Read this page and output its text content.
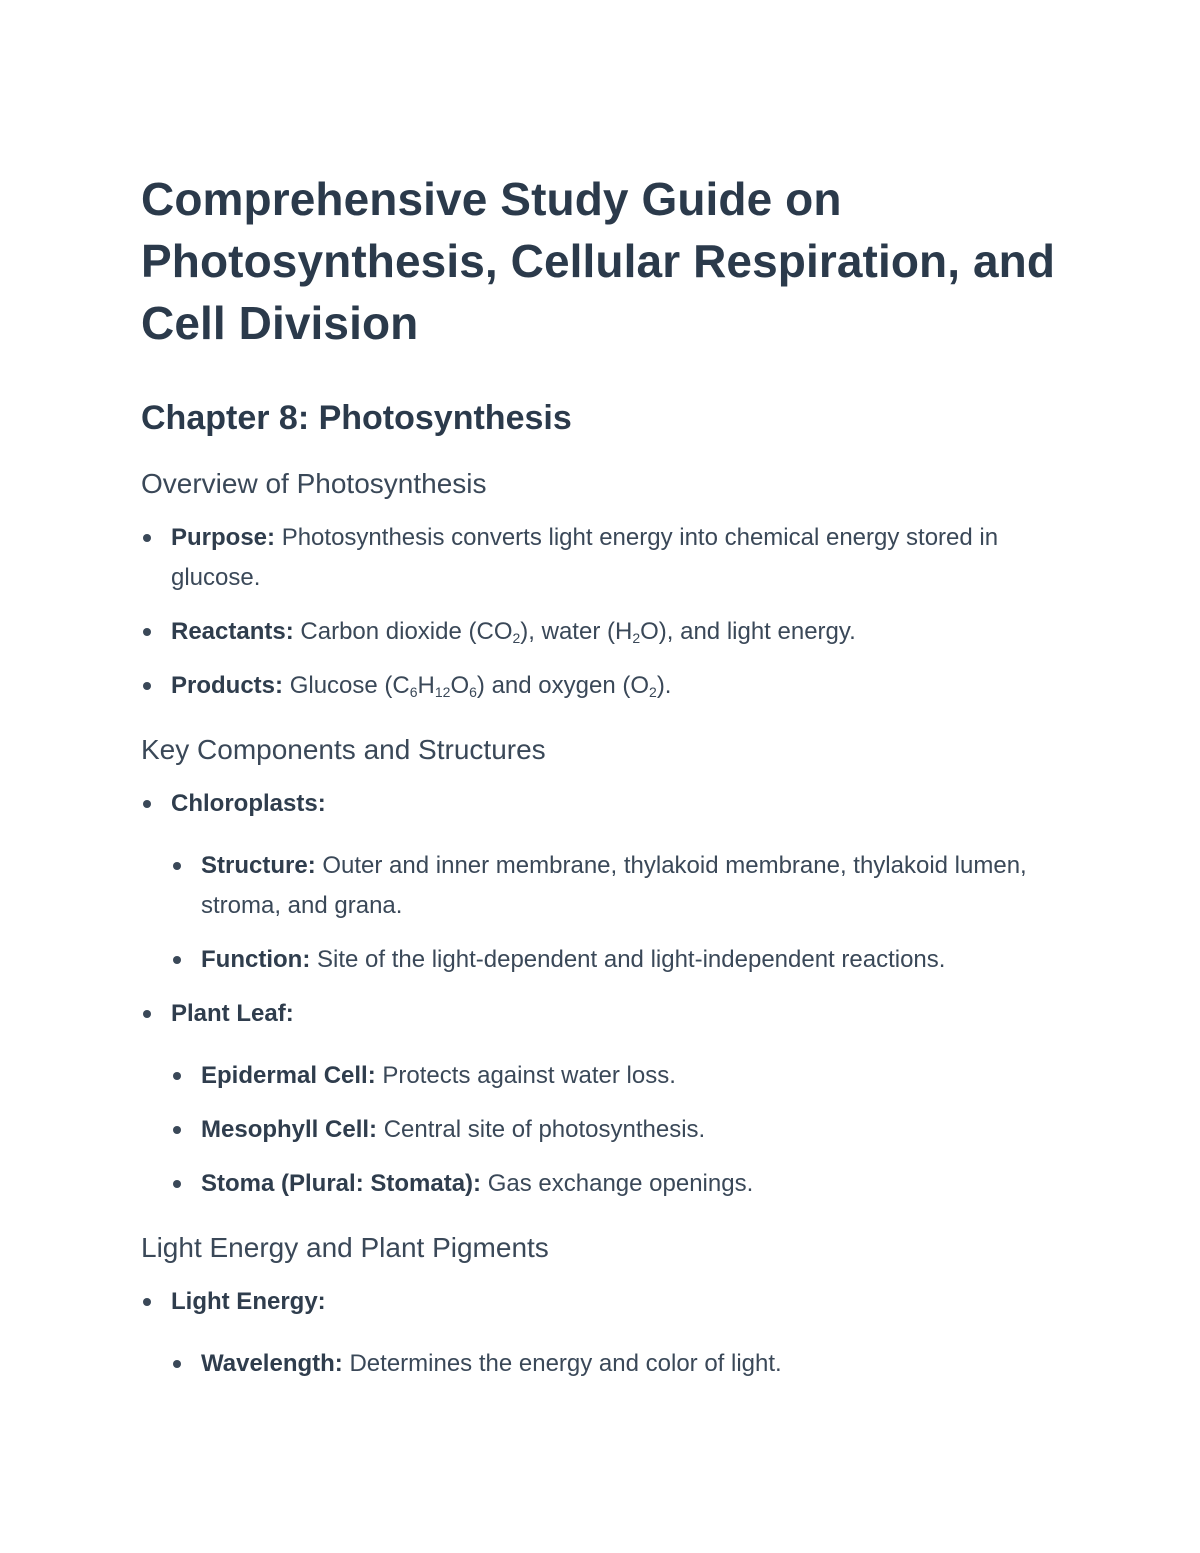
Comprehensive Study Guide on Photosynthesis, Cellular Respiration, and Cell Division
Chapter 8: Photosynthesis
Overview of Photosynthesis
Purpose: Photosynthesis converts light energy into chemical energy stored in glucose.
Reactants: Carbon dioxide $(CO_2)$, water $(H_2O)$, and light energy.
Products: Glucose $(C_6H_{12}O_6)$ and oxygen $(O_2)$.
Key Components and Structures
Chloroplasts:
Structure: Outer and inner membrane, thylakoid membrane, thylakoid lumen, stroma, and grana.
Function: Site of the light-dependent and light-independent reactions.
Plant Leaf:
Epidermal Cell: Protects against water loss.
Mesophyll Cell: Central site of photosynthesis.
Stoma (Plural: Stomata): Gas exchange openings.
Light Energy and Plant Pigments
Light Energy:
Wavelength: Determines the energy and color of light.
